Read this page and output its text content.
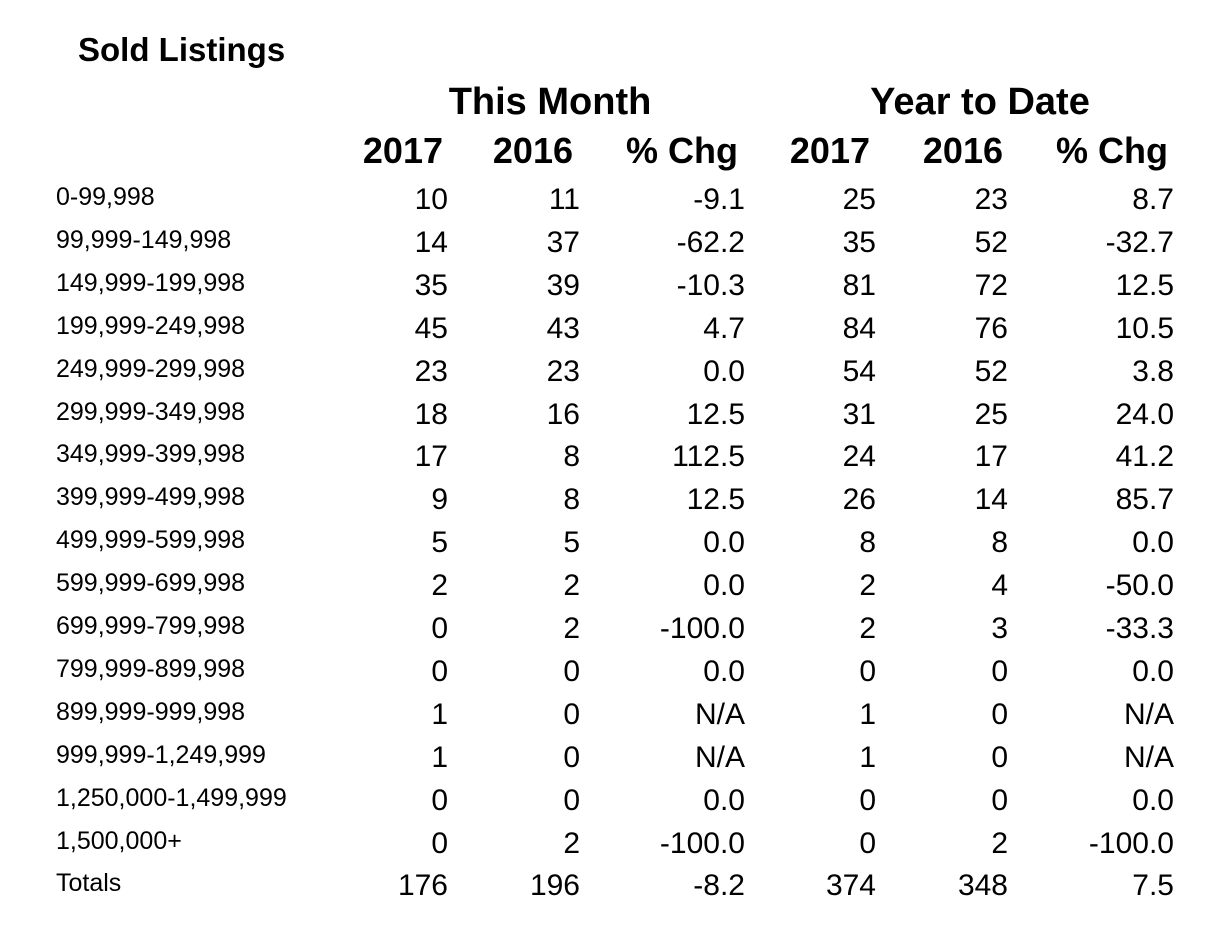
Sold Listings
This Month	Year to Date
2017	2016	% Chg	2017	2016	% Chg
0-99,998	10	11	-9.1	25	23	8.7
99,999-149,998	14	37	-62.2	35	52	-32.7
149,999-199,998	35	39	-10.3	81	72	12.5
199,999-249,998	45	43	4.7	84	76	10.5
249,999-299,998	23	23	0.0	54	52	3.8
299,999-349,998	18	16	12.5	31	25	24.0
349,999-399,998	17	8	112.5	24	17	41.2
399,999-499,998	9	8	12.5	26	14	85.7
499,999-599,998	5	5	0.0	8	8	0.0
599,999-699,998	2	2	0.0	2	4	-50.0
699,999-799,998	0	2	-100.0	2	3	-33.3
799,999-899,998	0	0	0.0	0	0	0.0
899,999-999,998	1	0	N/A	1	0	N/A
999,999-1,249,999	1	0	N/A	1	0	N/A
1,250,000-1,499,999	0	0	0.0	0	0	0.0
1,500,000+	0	2	-100.0	0	2	-100.0
Totals	176	196	-8.2	374	348	7.5
